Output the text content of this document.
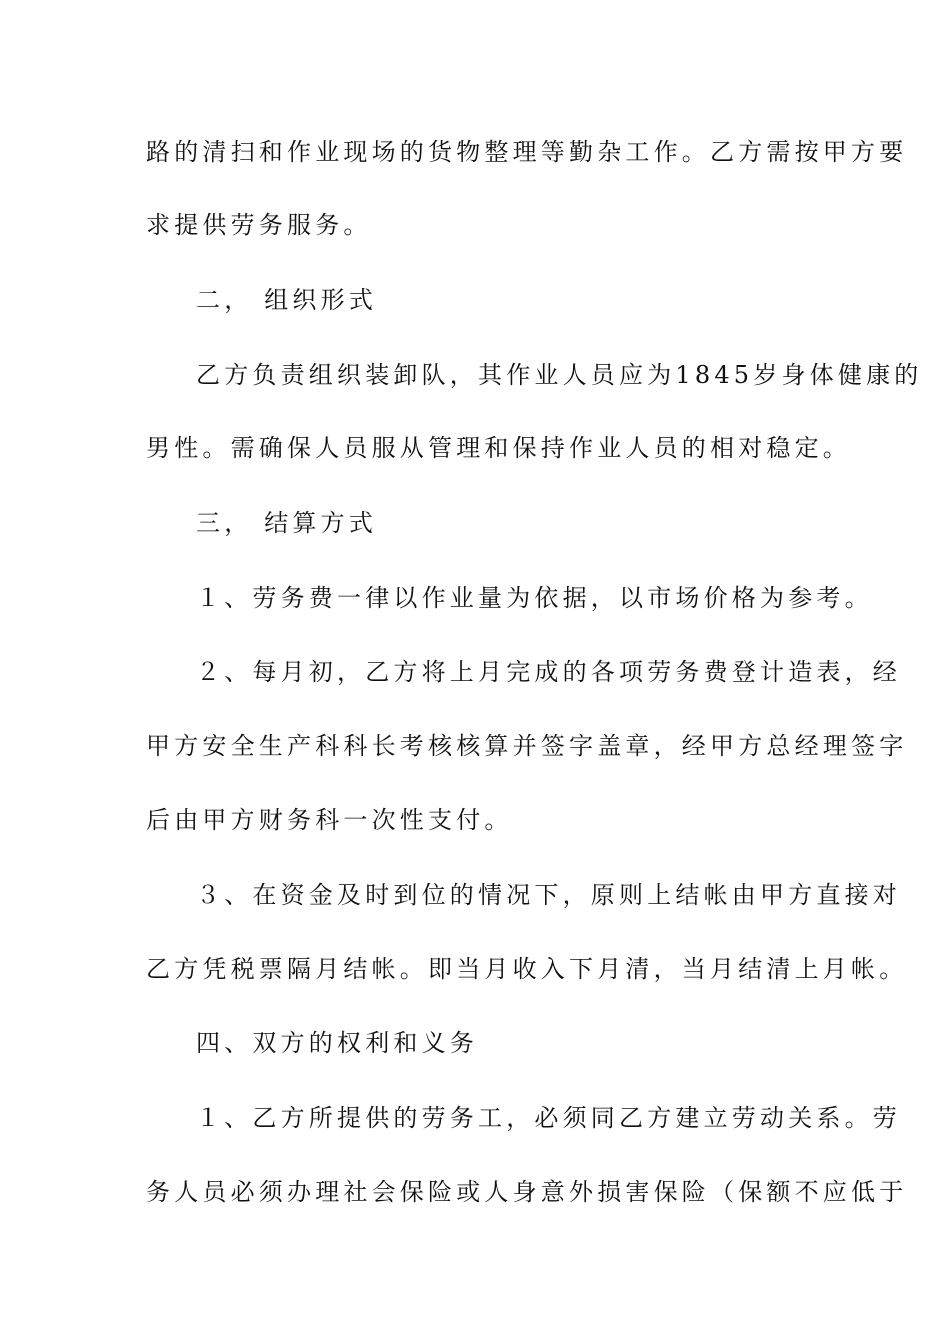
路的清扫和作业现场的货物整理等勤杂工作。乙方需按甲方要
求提供劳务服务。
二， 组织形式
乙方负责组织装卸队，其作业人员应为1845岁身体健康的
男性。需确保人员服从管理和保持作业人员的相对稳定。
三， 结算方式
１、劳务费一律以作业量为依据，以市场价格为参考。
２、每月初，乙方将上月完成的各项劳务费登计造表，经
甲方安全生产科科长考核核算并签字盖章，经甲方总经理签字
后由甲方财务科一次性支付。
３、在资金及时到位的情况下，原则上结帐由甲方直接对
乙方凭税票隔月结帐。即当月收入下月清，当月结清上月帐。
四、双方的权利和义务
１、乙方所提供的劳务工，必须同乙方建立劳动关系。劳
务人员必须办理社会保险或人身意外损害保险（保额不应低于
